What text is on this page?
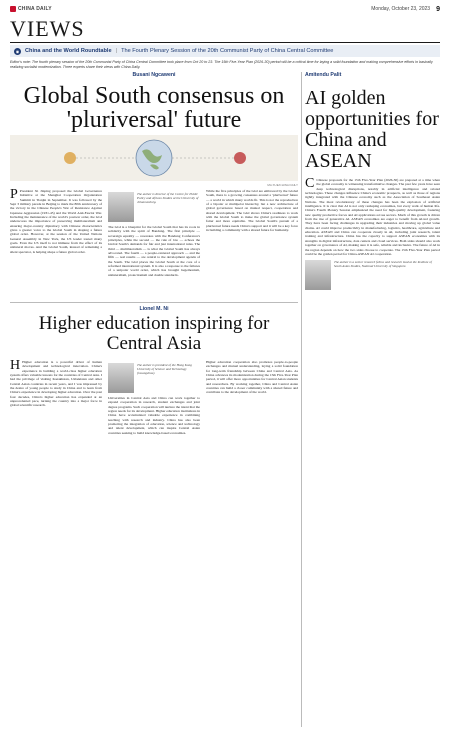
CHINA DAILY	Monday, October 23, 2023 9
VIEWS
◉	China and the World Roundtable | The Fourth Plenary Session of the 20th Communist Party of China Central Committee
Editor's note: The fourth plenary session of the 20th Communist Party of China Central Committee took place from Oct 20 to 23. The 15th Five-Year Plan (2026-30) period will be a critical time for laying a solid foundation and making comprehensive efforts in basically realizing socialist modernization. Three experts share their views with China Daily.
Busani Ngcaweni
Global South consensus on 'pluriversal' future
MA XUE/CHINA DAILY
P President Xi Jinping proposed the Global Governance Initiative at the Shanghai Cooperation Organization Summit in Tianjin in September. It was followed by the Sept 3 military parade in Beijing to mark the 80th anniversary of the victory in the Chinese People's War of Resistance Against Japanese Aggression (1931-45) and the World Anti-Fascist War. Including the maintenance of the world's postwar order, the GGI underscores the importance of preserving multilateralism and ensuring major-country diplomacy with Chinese characteristics gives a greater voice to the Global South in shaping a future global order. However, at the session of the United Nations General Assembly in New York, the US leader touted many goals. Even the US itself is not immune from the effect of its unilateral moves. And the Global South, instead of remaining a silent spectator, is helping shape a future global order.
The author is director of the Centre for Public Policy and African Studies at the University of Johannesburg.
The GGI is a blueprint for the Global South that has its roots in solidarity with the spirit of Bandung. The first principle — sovereign equality — resonates with the Bandung Conference's principles, while the second — the rule of law — echoes the Global South's demands for fair and just international rules. The third — multilateralism — is what the Global South has always advocated. The fourth — a people-centered approach — and the fifth — real results — are central to the development agenda of the South. The GGI places the Global South at the core of a reformed international system. It is also a response to the failures of a unipolar world order, which has brought hegemonism, unilateralism, protectionism and double standards.
While the five principles of the GGI are embraced by the Global South, there is a growing consensus around a 'pluriversal' future — a world in which many worlds fit. This is not the reproduction of a bipolar or multipolar hierarchy, but a new architecture of global governance based on mutual respect, cooperation and shared development. The GGI shows China's readiness to work with the Global South to make the global governance system fairer and more equitable. The Global South's pursuit of a pluriversal future needs China's support and it will be a key force in building a community with a shared future for humanity.
Amitendu Palit
AI golden opportunities for China and ASEAN
C Chinese proposals for the 15th Five-Year Plan (2026-30) are prepared at a time when the global economy is witnessing transformative changes. The past few years have seen deep technological disruptions, notably in artificial intelligence and related technologies. These changes influence China's economic prospects, as well as those of regions tightly integrated with the Chinese economy such as the Association of Southeast Asian Nations. The most revolutionary of these changes has been the explosion of artificial intelligence. It is clear that AI is not only reshaping economies, but every walk of human life. China's Fourth Plenary Session emphasized the need for high-quality development, fostering new quality productive forces and AI applications across sectors. Much of this growth is driven from the rise of generative AI. ASEAN economies are eager to benefit from AI-led growth. They have been facing challenges in upgrading their industries and moving up global value chains. AI could improve productivity in manufacturing, logistics, healthcare, agriculture and education. ASEAN and China can cooperate closely in AI, including joint research, talent training and infrastructure. China has the capacity to support ASEAN economies with its strengths in digital infrastructure, data centers and cloud services. Both sides should also work together on governance of AI, making sure it is safe, reliable and inclusive. The future of AI in the region depends on how the two sides choose to cooperate. The 15th Five-Year Plan period could be the golden period for China-ASEAN AI cooperation.
The author is a senior research fellow and research lead at the Institute of South Asian Studies, National University of Singapore.
Lionel M. Ni
Higher education inspiring for Central Asia
H Higher education is a powerful driver of human development and technological innovation. China's experience in building a world-class higher education system offers valuable lessons for the countries of Central Asia. I had the privilege of visiting Kazakhstan, Uzbekistan and other Central Asian countries in recent years, and I was impressed by the desire of young people to study in China and to learn from China's experience in developing higher education. Over the past four decades, China's higher education has expanded at an unprecedented pace, turning the country into a major force in global scientific research.
The author is president of the Hong Kong University of Science and Technology (Guangzhou).
Universities in Central Asia and China can work together to expand cooperation in research, student exchanges and joint degree programs. Such cooperation will nurture the talent that the region needs for its development. Higher education institutions in China have accumulated valuable experience in combining teaching with research and industry. China has also been promoting the integration of education, science and technology and talent development, which can inspire Central Asian countries seeking to build knowledge-based economies.
Higher education cooperation also promotes people-to-people exchanges and mutual understanding, laying a solid foundation for long-term friendship between China and Central Asia. As China advances its modernization during the 15th Five-Year Plan period, it will offer more opportunities for Central Asian students and researchers. By working together, China and Central Asian countries can build a closer community with a shared future and contribute to the development of the world.
